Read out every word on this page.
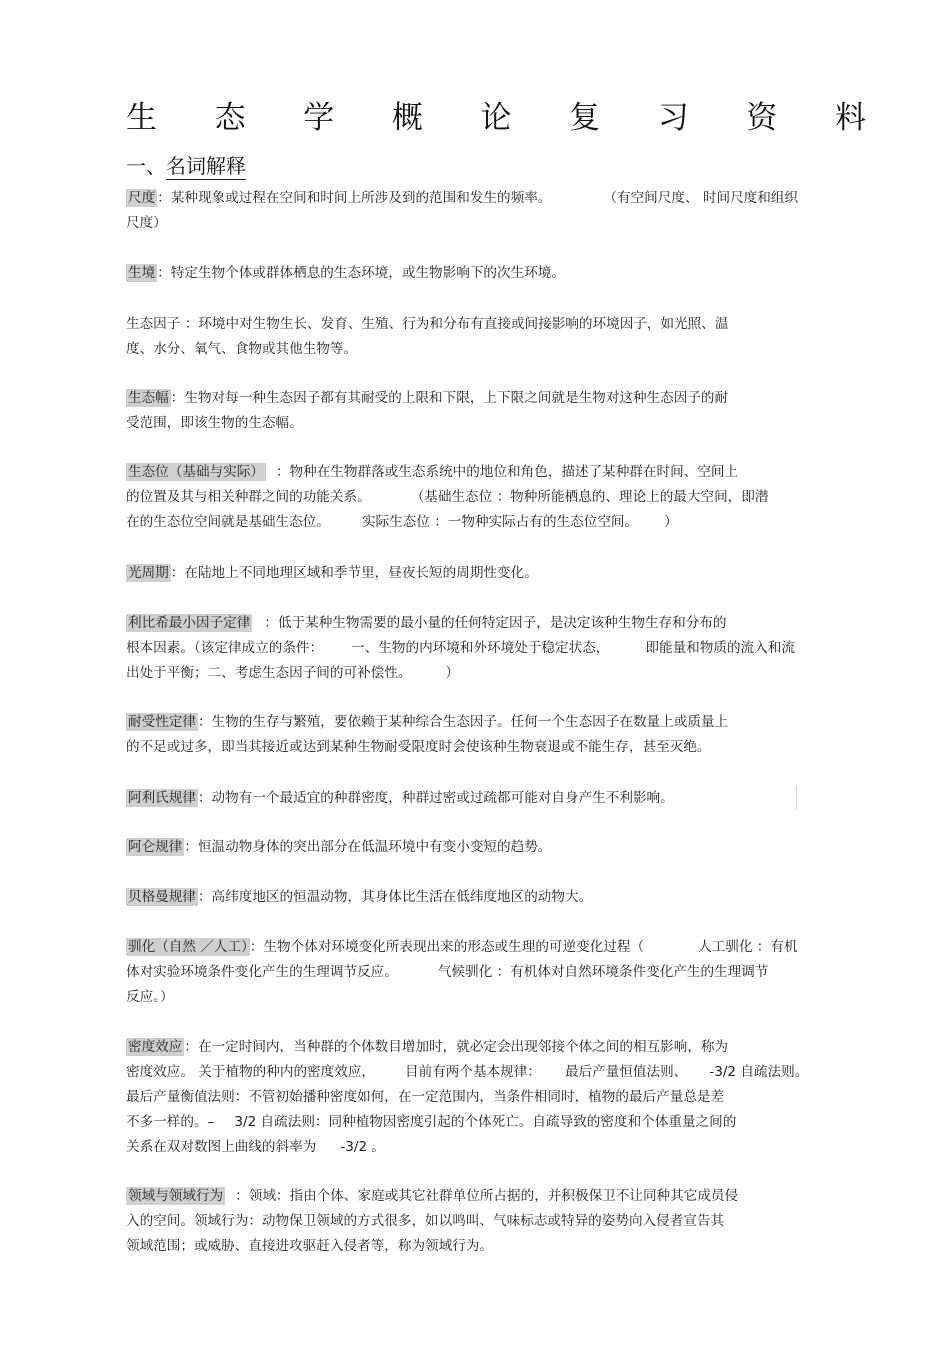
生 态 学 概 论 复 习 资 料
一、名词解释
尺度 ：某种现象或过程在空间和时间上所涉及到的范围和发生的频率。	（有空间尺度、 时间尺度和组织
尺度）
生境 ：特定生物个体或群体栖息的生态环境，或生物影响下的次生环境。
生态因子 ：环境中对生物生长、发育、生殖、行为和分布有直接或间接影响的环境因子，如光照、温
度、水分、氧气、食物或其他生物等。
生态幅 ：生物对每一种生态因子都有其耐受的上限和下限，上下限之间就是生物对这种生态因子的耐
受范围，即该生物的生态幅。
生态位（基础与实际） ：物种在生物群落或生态系统中的地位和角色，描述了某种群在时间、空间上
的位置及其与相关种群之间的功能关系。	（基础生态位 ：物种所能栖息的、理论上的最大空间，即潜
在的生态位空间就是基础生态位。 实际生态位 ：一物种实际占有的生态位空间。 ）
光周期 ：在陆地上不同地理区域和季节里，昼夜长短的周期性变化。
利比希最小因子定律 ：低于某种生物需要的最小量的任何特定因子，是决定该种生物生存和分布的
根本因素。（该定律成立的条件： 一、生物的内环境和外环境处于稳定状态，	即能量和物质的流入和流
出处于平衡；二、考虑生态因子间的可补偿性。	）
耐受性定律 ：生物的生存与繁殖，要依赖于某种综合生态因子。任何一个生态因子在数量上或质量上
的不足或过多，即当其接近或达到某种生物耐受限度时会使该种生物衰退或不能生存，甚至灭绝。
阿利氏规律 ：动物有一个最适宜的种群密度，种群过密或过疏都可能对自身产生不利影响。
阿仑规律 ：恒温动物身体的突出部分在低温环境中有变小变短的趋势。
贝格曼规律 ：高纬度地区的恒温动物，其身体比生活在低纬度地区的动物大。
驯化（自然 ／人工） ：生物个体对环境变化所表现出来的形态或生理的可逆变化过程（	人工驯化 ：有机
体对实验环境条件变化产生的生理调节反应。	气候驯化 ：有机体对自然环境条件变化产生的生理调节
反应。）
密度效应 ：在一定时间内，当种群的个体数目增加时，就必定会出现邻接个体之间的相互影响，称为
密度效应。 关于植物的种内的密度效应， 目前有两个基本规律： 最后产量恒值法则、 -3/2 自疏法则。
最后产量衡值法则：不管初始播种密度如何，在一定范围内，当条件相同时，植物的最后产量总是差
不多一样的。– 3/2 自疏法则：同种植物因密度引起的个体死亡。自疏导致的密度和个体重量之间的
关系在双对数图上曲线的斜率为 -3/2 。
领域与领域行为 ：领域：指由个体、家庭或其它社群单位所占据的，并积极保卫不让同种其它成员侵
入的空间。领域行为：动物保卫领域的方式很多，如以鸣叫、气味标志或特异的姿势向入侵者宣告其
领域范围；或威胁、直接进攻驱赶入侵者等，称为领域行为。
